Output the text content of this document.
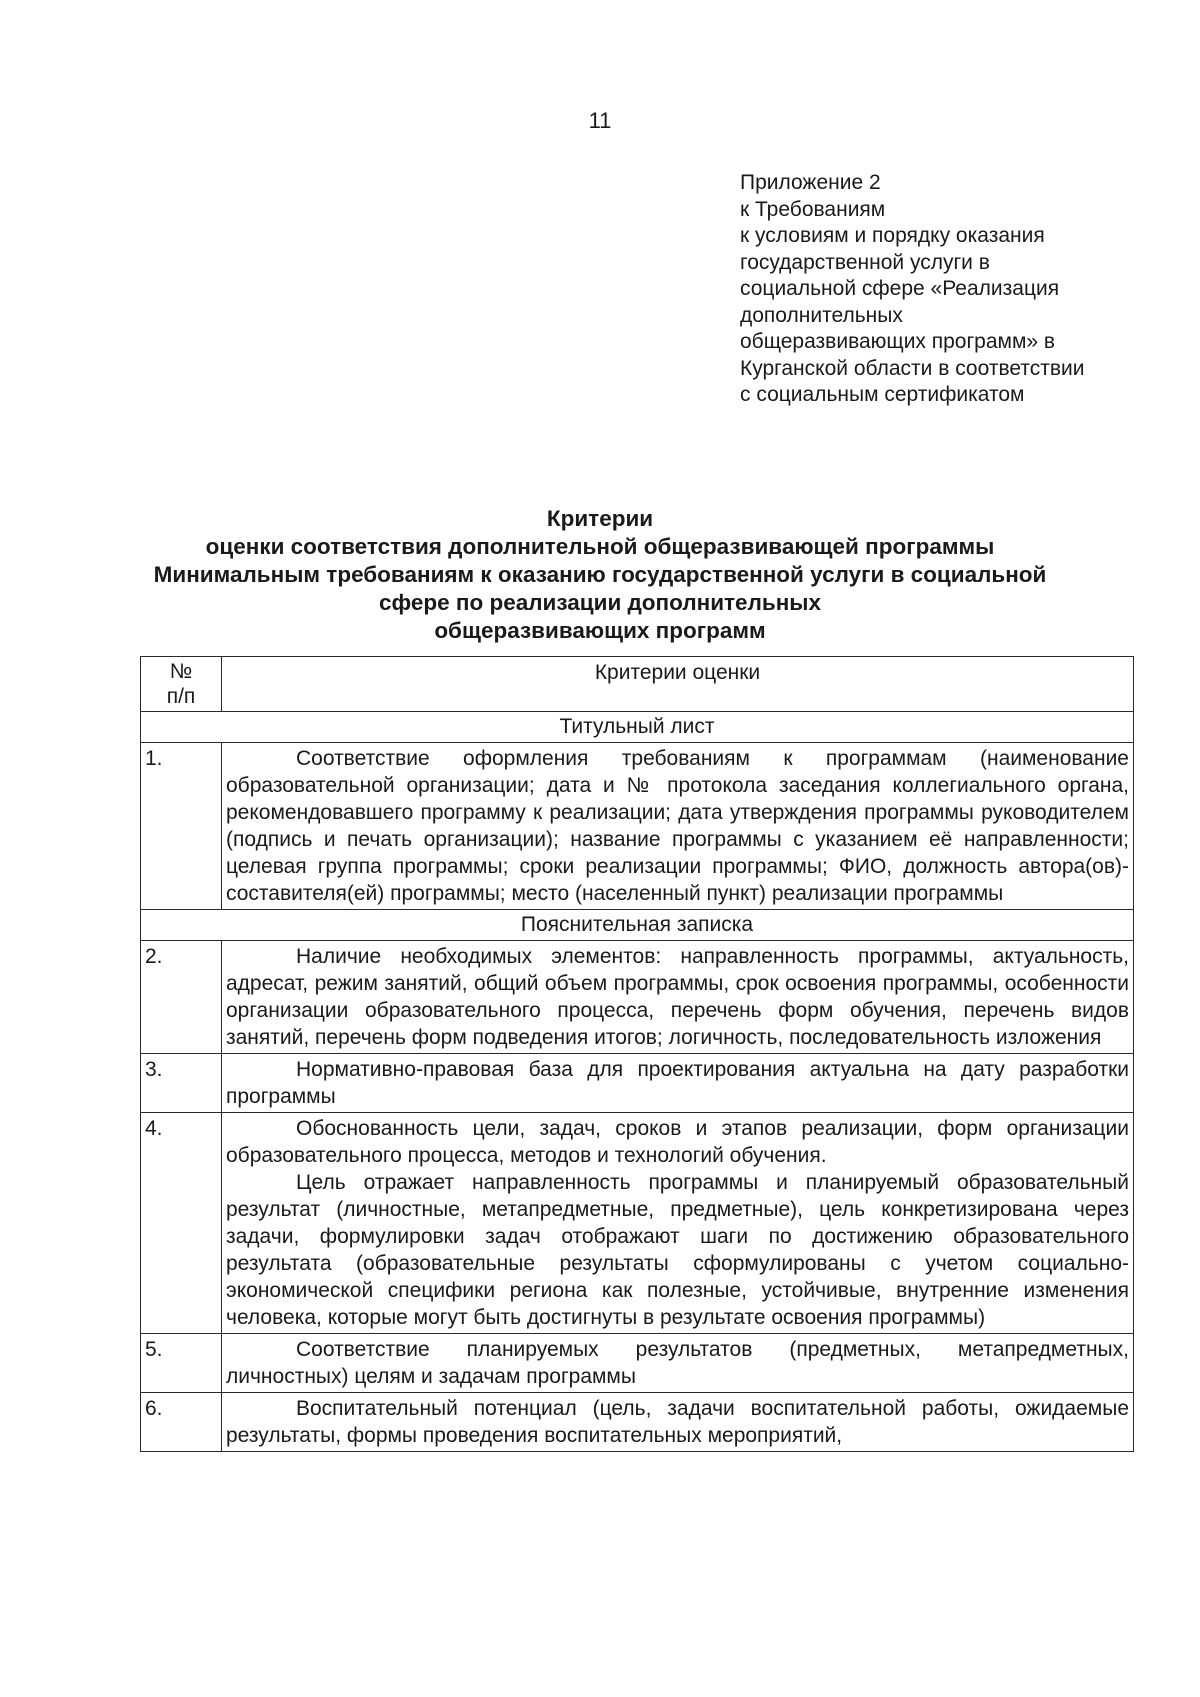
11
Приложение 2
к Требованиям
к условиям и порядку оказания
государственной услуги в
социальной сфере «Реализация
дополнительных
общеразвивающих программ» в
Курганской области в соответствии
с социальным сертификатом
Критерии
оценки соответствия дополнительной общеразвивающей программы
Минимальным требованиям к оказанию государственной услуги в социальной
сфере по реализации дополнительных
общеразвивающих программ
№
п/п	Критерии оценки
Титульный лист	
1.	Соответствие оформления требованиям к программам (наименование образовательной организации; дата и № протокола заседания коллегиального органа, рекомендовавшего программу к реализации; дата утверждения программы руководителем (подпись и печать организации); название программы с указанием её направленности; целевая группа программы; сроки реализации программы; ФИО, должность автора(ов)-составителя(ей) программы; место (населенный пункт) реализации программы

Пояснительная записка	
2.	Наличие необходимых элементов: направленность программы, актуальность, адресат, режим занятий, общий объем программы, срок освоения программы, особенности организации образовательного процесса, перечень форм обучения, перечень видов занятий, перечень форм подведения итогов; логичность, последовательность изложения

3.	Нормативно-правовая база для проектирования актуальна на дату разработки программы

4.	Обоснованность цели, задач, сроков и этапов реализации, форм организации образовательного процесса, методов и технологий обучения.
Цель отражает направленность программы и планируемый образовательный результат (личностные, метапредметные, предметные), цель конкретизирована через задачи, формулировки задач отображают шаги по достижению образовательного результата (образовательные результаты сформулированы с учетом социально-экономической специфики региона как полезные, устойчивые, внутренние изменения человека, которые могут быть достигнуты в результате освоения программы)

5.	Соответствие планируемых результатов (предметных, метапредметных, личностных) целям и задачам программы

6.	Воспитательный потенциал (цель, задачи воспитательной работы, ожидаемые результаты, формы проведения воспитательных мероприятий,
